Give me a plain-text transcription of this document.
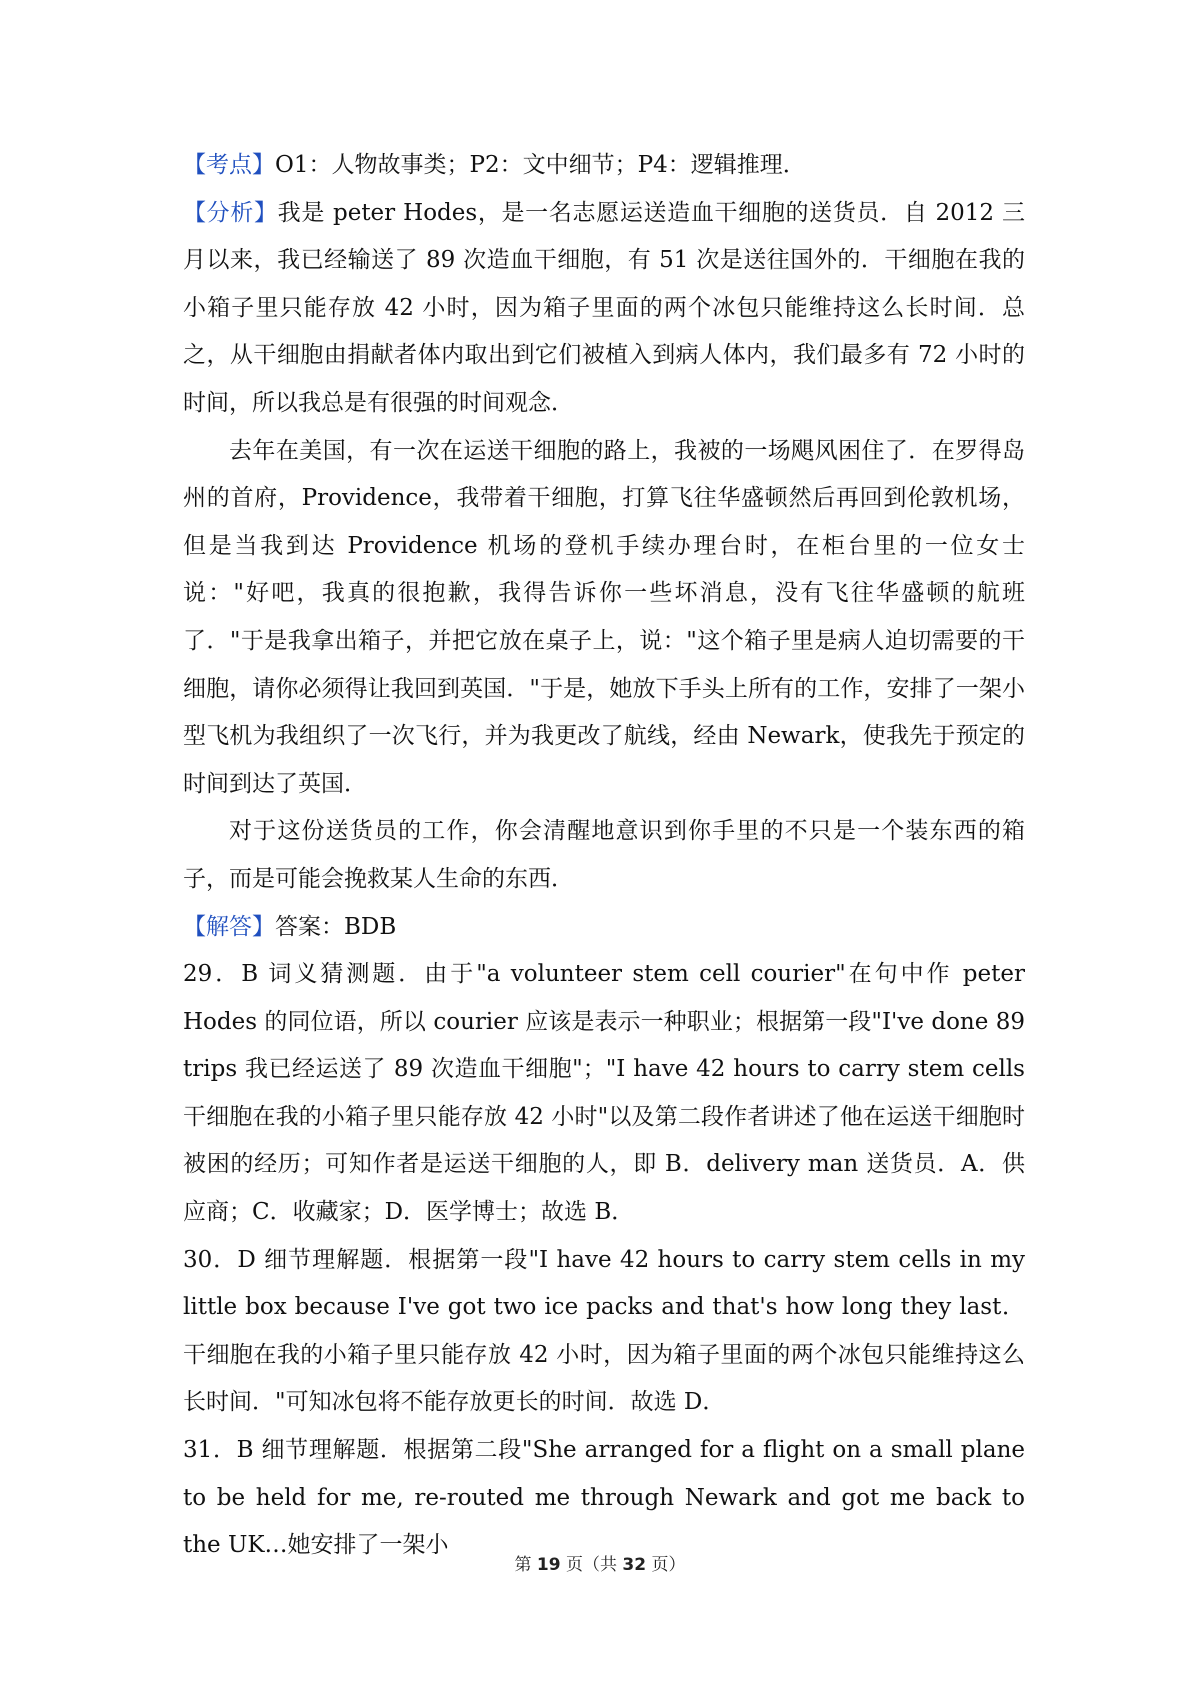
【考点】O1：人物故事类；P2：文中细节；P4：逻辑推理．

【分析】我是 peter Hodes，是一名志愿运送造血干细胞的送货员．自 2012 三月以来，我已经输送了 89 次造血干细胞，有 51 次是送往国外的．干细胞在我的小箱子里只能存放 42 小时，因为箱子里面的两个冰包只能维持这么长时间．总之，从干细胞由捐献者体内取出到它们被植入到病人体内，我们最多有 72 小时的时间，所以我总是有很强的时间观念．

去年在美国，有一次在运送干细胞的路上，我被的一场飓风困住了．在罗得岛州的首府，Providence，我带着干细胞，打算飞往华盛顿然后再回到伦敦机场，但是当我到达 Providence 机场的登机手续办理台时，在柜台里的一位女士说："好吧，我真的很抱歉，我得告诉你一些坏消息，没有飞往华盛顿的航班了．"于是我拿出箱子，并把它放在桌子上，说："这个箱子里是病人迫切需要的干细胞，请你必须得让我回到英国．"于是，她放下手头上所有的工作，安排了一架小型飞机为我组织了一次飞行，并为我更改了航线，经由 Newark，使我先于预定的时间到达了英国．

对于这份送货员的工作，你会清醒地意识到你手里的不只是一个装东西的箱子，而是可能会挽救某人生命的东西．

【解答】答案：BDB

29．B 词义猜测题．由于"a volunteer stem cell courier"在句中作 peter Hodes 的同位语，所以 courier 应该是表示一种职业；根据第一段"I've done 89 trips 我已经运送了 89 次造血干细胞"；"I have 42 hours to carry stem cells 干细胞在我的小箱子里只能存放 42 小时"以及第二段作者讲述了他在运送干细胞时被困的经历；可知作者是运送干细胞的人，即 B．delivery man 送货员．A．供应商；C．收藏家；D．医学博士；故选 B．

30．D 细节理解题．根据第一段"I have 42 hours to carry stem cells in my little box because I've got two ice packs and that's how long they last．干细胞在我的小箱子里只能存放 42 小时，因为箱子里面的两个冰包只能维持这么长时间．"可知冰包将不能存放更长的时间．故选 D．

31．B 细节理解题．根据第二段"She arranged for a flight on a small plane to be held for me, re-routed me through Newark and got me back to the UK…她安排了一架小

第 19 页（共 32 页）
